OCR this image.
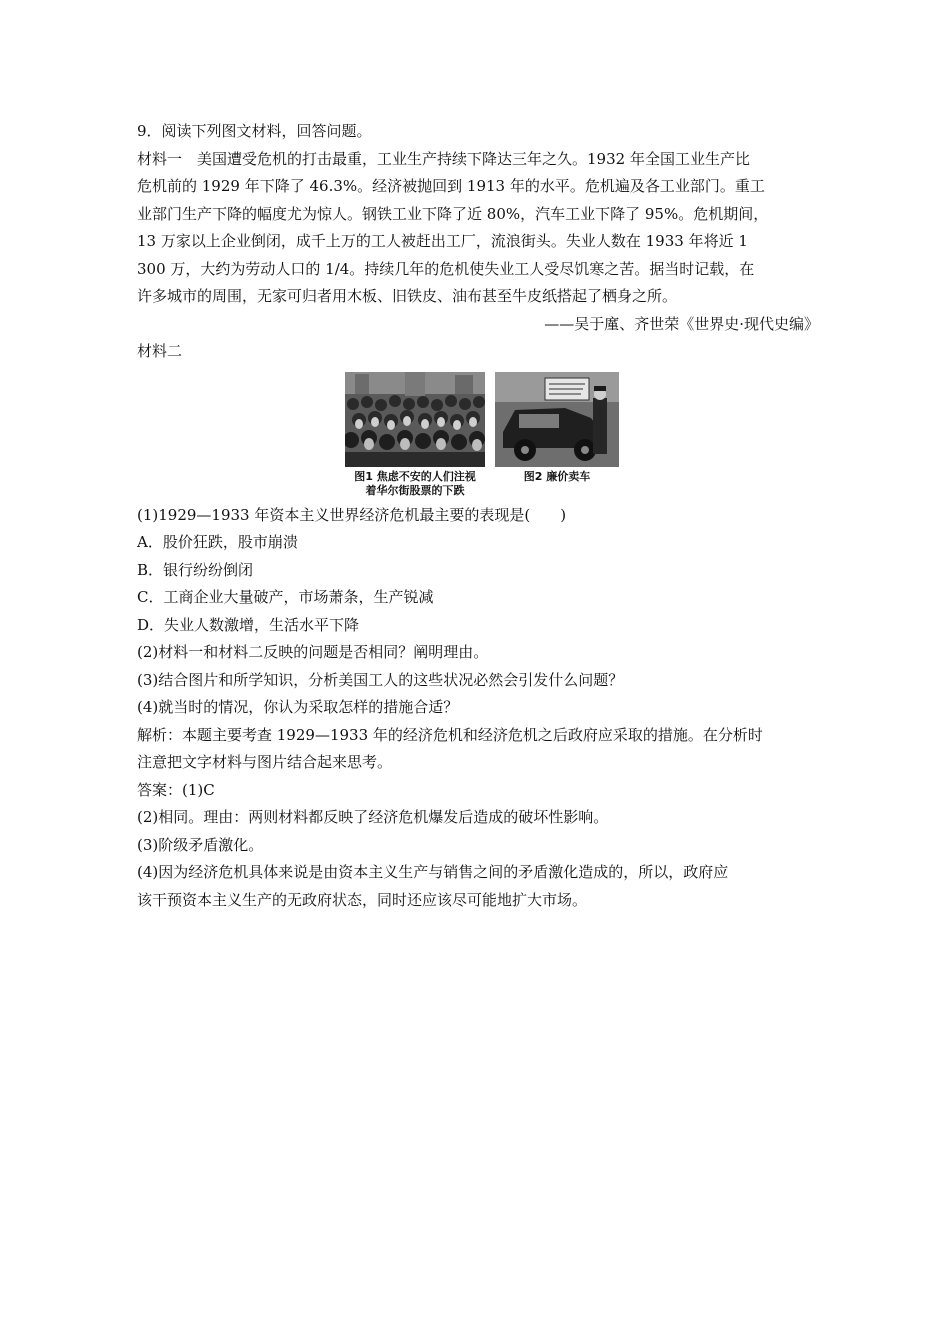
9．阅读下列图文材料，回答问题。
材料一　美国遭受危机的打击最重，工业生产持续下降达三年之久。1932 年全国工业生产比
危机前的 1929 年下降了 46.3%。经济被抛回到 1913 年的水平。危机遍及各工业部门。重工
业部门生产下降的幅度尤为惊人。钢铁工业下降了近 80%，汽车工业下降了 95%。危机期间，
13 万家以上企业倒闭，成千上万的工人被赶出工厂，流浪街头。失业人数在 1933 年将近 1
300 万，大约为劳动人口的 1/4。持续几年的危机使失业工人受尽饥寒之苦。据当时记载，在
许多城市的周围，无家可归者用木板、旧铁皮、油布甚至牛皮纸搭起了栖身之所。
——吴于廑、齐世荣《世界史·现代史编》
材料二
图1 焦虑不安的人们注视
着华尔街股票的下跌
图2 廉价卖车
(1)1929—1933 年资本主义世界经济危机最主要的表现是(　　)
A．股价狂跌，股市崩溃
B．银行纷纷倒闭
C．工商企业大量破产，市场萧条，生产锐减
D．失业人数激增，生活水平下降
(2)材料一和材料二反映的问题是否相同？阐明理由。
(3)结合图片和所学知识，分析美国工人的这些状况必然会引发什么问题？
(4)就当时的情况，你认为采取怎样的措施合适？
解析：本题主要考查 1929—1933 年的经济危机和经济危机之后政府应采取的措施。在分析时
注意把文字材料与图片结合起来思考。
答案：(1)C
(2)相同。理由：两则材料都反映了经济危机爆发后造成的破坏性影响。
(3)阶级矛盾激化。
(4)因为经济危机具体来说是由资本主义生产与销售之间的矛盾激化造成的，所以，政府应
该干预资本主义生产的无政府状态，同时还应该尽可能地扩大市场。
